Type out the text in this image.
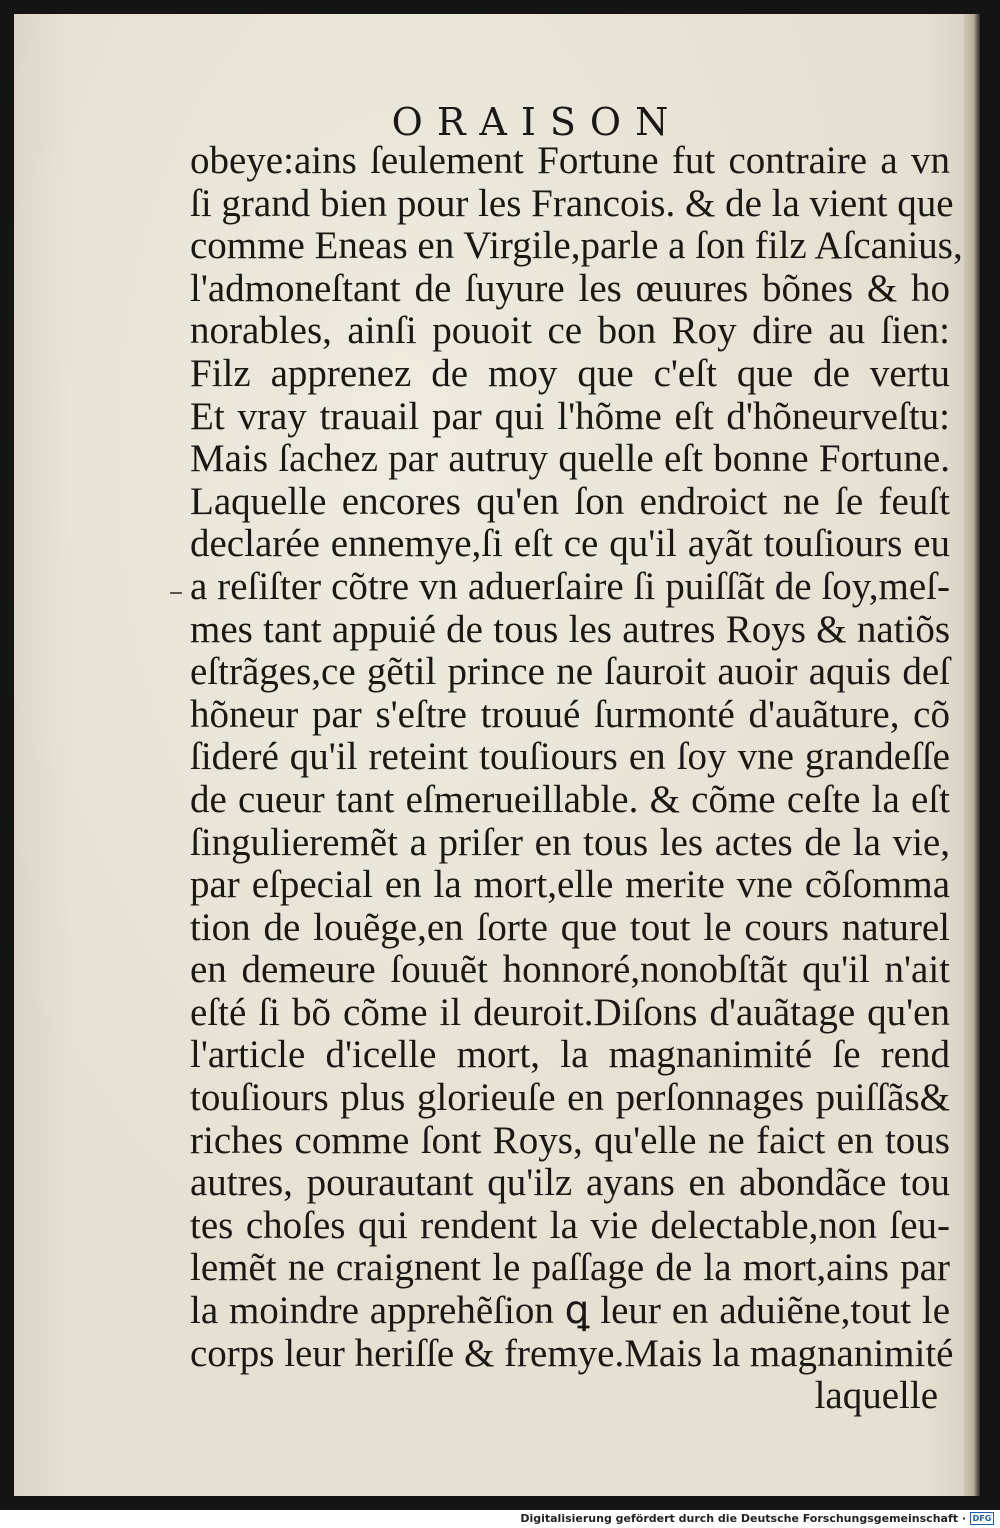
ORAISON
obeye:ains ſeulement Fortune fut contraire a vn
ſi grand bien pour les Francois. & de la vient que
comme Eneas en Virgile,parle a ſon filz Aſcanius,
l'admoneſtant de ſuyure les œuures bõnes & ho
norables, ainſi pouoit ce bon Roy dire au ſien:
Filz apprenez de moy que c'eſt que de vertu
Et vray trauail par qui l'hõme eſt d'hõneurveſtu:
Mais ſachez par autruy quelle eſt bonne Fortune.
Laquelle encores qu'en ſon endroict ne ſe feuſt
declarée ennemye,ſi eſt ce qu'il ayãt touſiours eu
a reſiſter cõtre vn aduerſaire ſi puiſſãt de ſoy,meſ-
mes tant appuié de tous les autres Roys & natiõs
eſtrãges,ce gẽtil prince ne ſauroit auoir aquis deſ
hõneur par s'eſtre trouué ſurmonté d'auãture, cõ
ſideré qu'il reteint touſiours en ſoy vne grandeſſe
de cueur tant eſmerueillable. & cõme ceſte la eſt
ſingulieremẽt a priſer en tous les actes de la vie,
par eſpecial en la mort,elle merite vne cõſomma
tion de louẽge,en ſorte que tout le cours naturel
en demeure ſouuẽt honnoré,nonobſtãt qu'il n'ait
eſté ſi bõ cõme il deuroit.Diſons d'auãtage qu'en
l'article d'icelle mort, la magnanimité ſe rend
touſiours plus glorieuſe en perſonnages puiſſãs&
riches comme ſont Roys, qu'elle ne faict en tous
autres, pourautant qu'ilz ayans en abondãce tou
tes choſes qui rendent la vie delectable,non ſeu-
lemẽt ne craignent le paſſage de la mort,ains par
la moindre apprehẽſion ꝗ leur en aduiẽne,tout le
corps leur heriſſe & fremye.Mais la magnanimité
laquelle
Digitalisierung gefördert durch die Deutsche Forschungsgemeinschaft · DFG
